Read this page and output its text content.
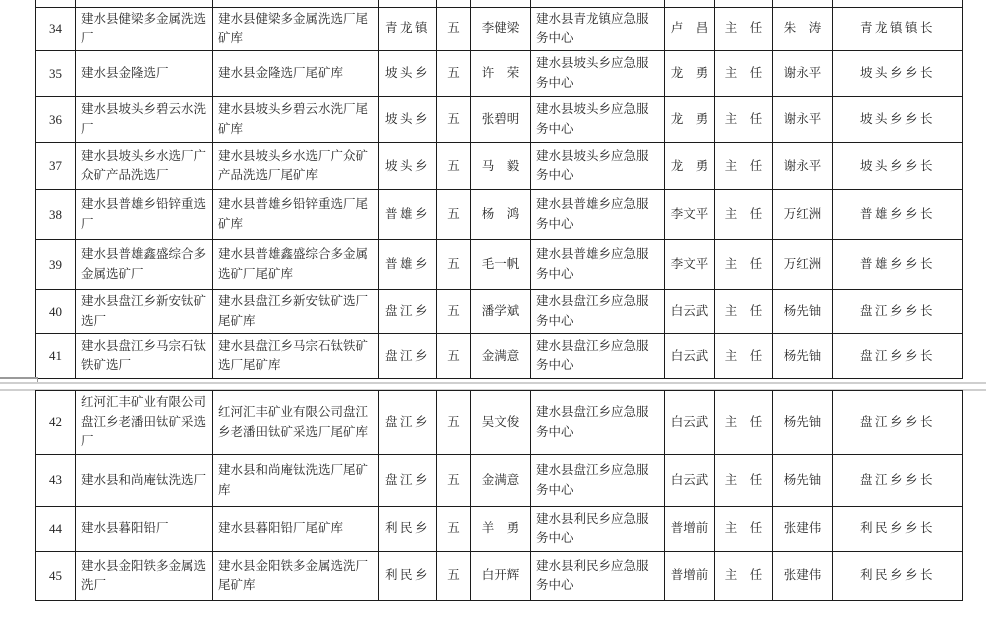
34	建水县健梁多金属洗选厂	建水县健梁多金属洗选厂尾矿库	青龙镇	五	李健梁	建水县青龙镇应急服务中心	卢　昌	主　任	朱　涛	青龙镇镇长
35	建水县金隆选厂	建水县金隆选厂尾矿库	坡头乡	五	许　荣	建水县坡头乡应急服务中心	龙　勇	主　任	谢永平	坡头乡乡长
36	建水县坡头乡碧云水洗厂	建水县坡头乡碧云水洗厂尾矿库	坡头乡	五	张碧明	建水县坡头乡应急服务中心	龙　勇	主　任	谢永平	坡头乡乡长
37	建水县坡头乡水选厂广众矿产品洗选厂	建水县坡头乡水选厂广众矿产品洗选厂尾矿库	坡头乡	五	马　毅	建水县坡头乡应急服务中心	龙　勇	主　任	谢永平	坡头乡乡长
38	建水县普雄乡铅锌重选厂	建水县普雄乡铅锌重选厂尾矿库	普雄乡	五	杨　鸿	建水县普雄乡应急服务中心	李文平	主　任	万红洲	普雄乡乡长
39	建水县普雄鑫盛综合多金属选矿厂	建水县普雄鑫盛综合多金属选矿厂尾矿库	普雄乡	五	毛一帆	建水县普雄乡应急服务中心	李文平	主　任	万红洲	普雄乡乡长
40	建水县盘江乡新安钛矿选厂	建水县盘江乡新安钛矿选厂尾矿库	盘江乡	五	潘学斌	建水县盘江乡应急服务中心	白云武	主　任	杨先铀	盘江乡乡长
41	建水县盘江乡马宗石钛铁矿选厂	建水县盘江乡马宗石钛铁矿选厂尾矿库	盘江乡	五	金满意	建水县盘江乡应急服务中心	白云武	主　任	杨先铀	盘江乡乡长
42	红河汇丰矿业有限公司盘江乡老潘田钛矿采选厂	红河汇丰矿业有限公司盘江乡老潘田钛矿采选厂尾矿库	盘江乡	五	吴文俊	建水县盘江乡应急服务中心	白云武	主　任	杨先铀	盘江乡乡长
43	建水县和尚庵钛洗选厂	建水县和尚庵钛洗选厂尾矿库	盘江乡	五	金满意	建水县盘江乡应急服务中心	白云武	主　任	杨先铀	盘江乡乡长
44	建水县暮阳铅厂	建水县暮阳铅厂尾矿库	利民乡	五	羊　勇	建水县利民乡应急服务中心	普增前	主　任	张建伟	利民乡乡长
45	建水县金阳铁多金属选洗厂	建水县金阳铁多金属选洗厂尾矿库	利民乡	五	白开辉	建水县利民乡应急服务中心	普增前	主　任	张建伟	利民乡乡长
